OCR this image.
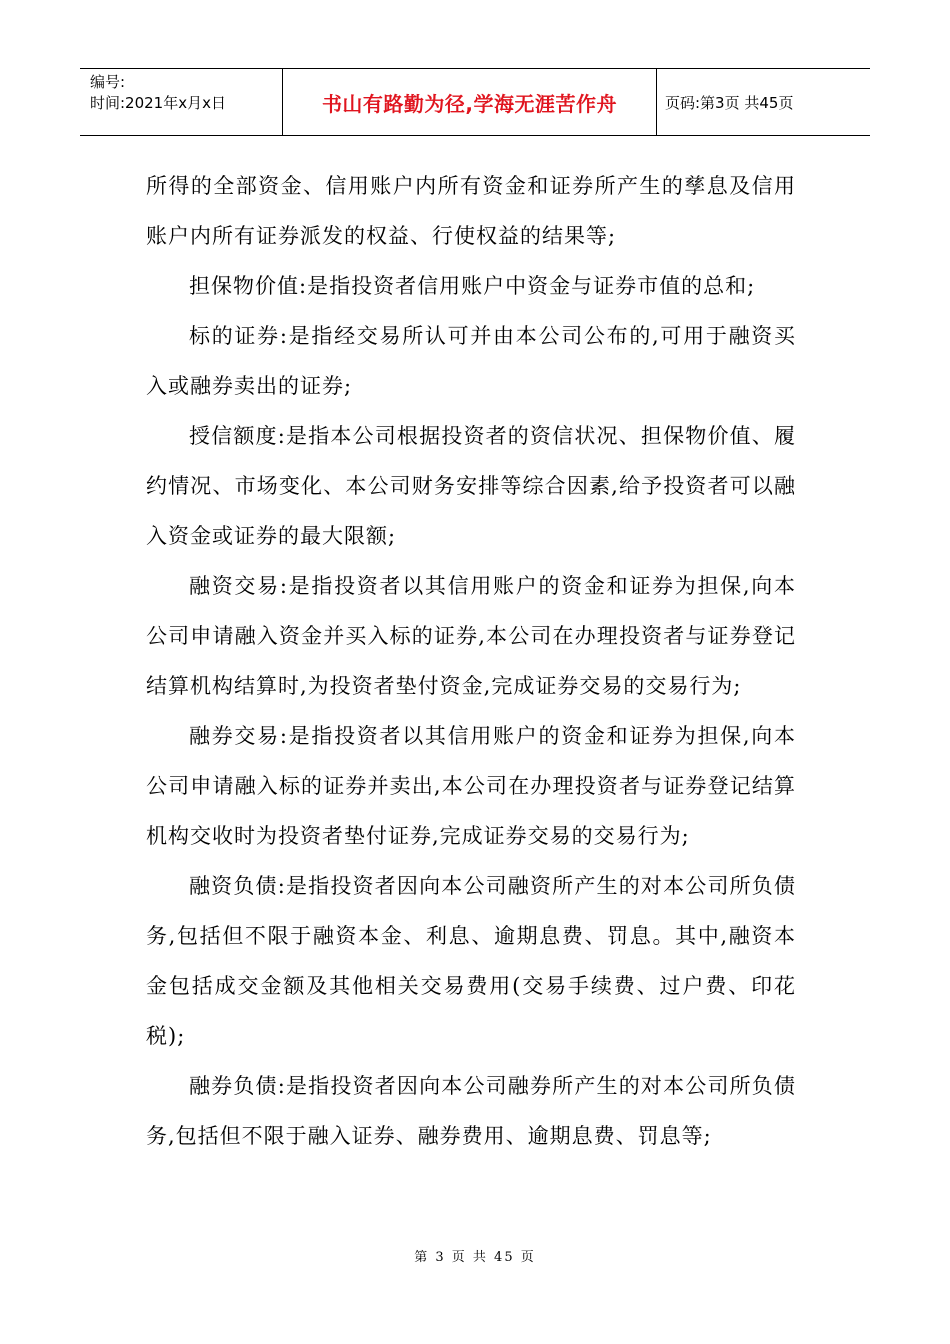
编号:
时间:2021年x月x日	书山有路勤为径,学海无涯苦作舟	页码:第3页 共45页

所得的全部资金、信用账户内所有资金和证券所产生的孳息及信用账户内所有证券派发的权益、行使权益的结果等;

担保物价值:是指投资者信用账户中资金与证券市值的总和;

标的证券:是指经交易所认可并由本公司公布的,可用于融资买入或融券卖出的证券;

授信额度:是指本公司根据投资者的资信状况、担保物价值、履约情况、市场变化、本公司财务安排等综合因素,给予投资者可以融入资金或证券的最大限额;

融资交易:是指投资者以其信用账户的资金和证券为担保,向本公司申请融入资金并买入标的证券,本公司在办理投资者与证券登记结算机构结算时,为投资者垫付资金,完成证券交易的交易行为;

融券交易:是指投资者以其信用账户的资金和证券为担保,向本公司申请融入标的证券并卖出,本公司在办理投资者与证券登记结算机构交收时为投资者垫付证券,完成证券交易的交易行为;

融资负债:是指投资者因向本公司融资所产生的对本公司所负债务,包括但不限于融资本金、利息、逾期息费、罚息。其中,融资本金包括成交金额及其他相关交易费用(交易手续费、过户费、印花税);

融券负债:是指投资者因向本公司融券所产生的对本公司所负债务,包括但不限于融入证券、融券费用、逾期息费、罚息等;

第 3 页 共 45 页
